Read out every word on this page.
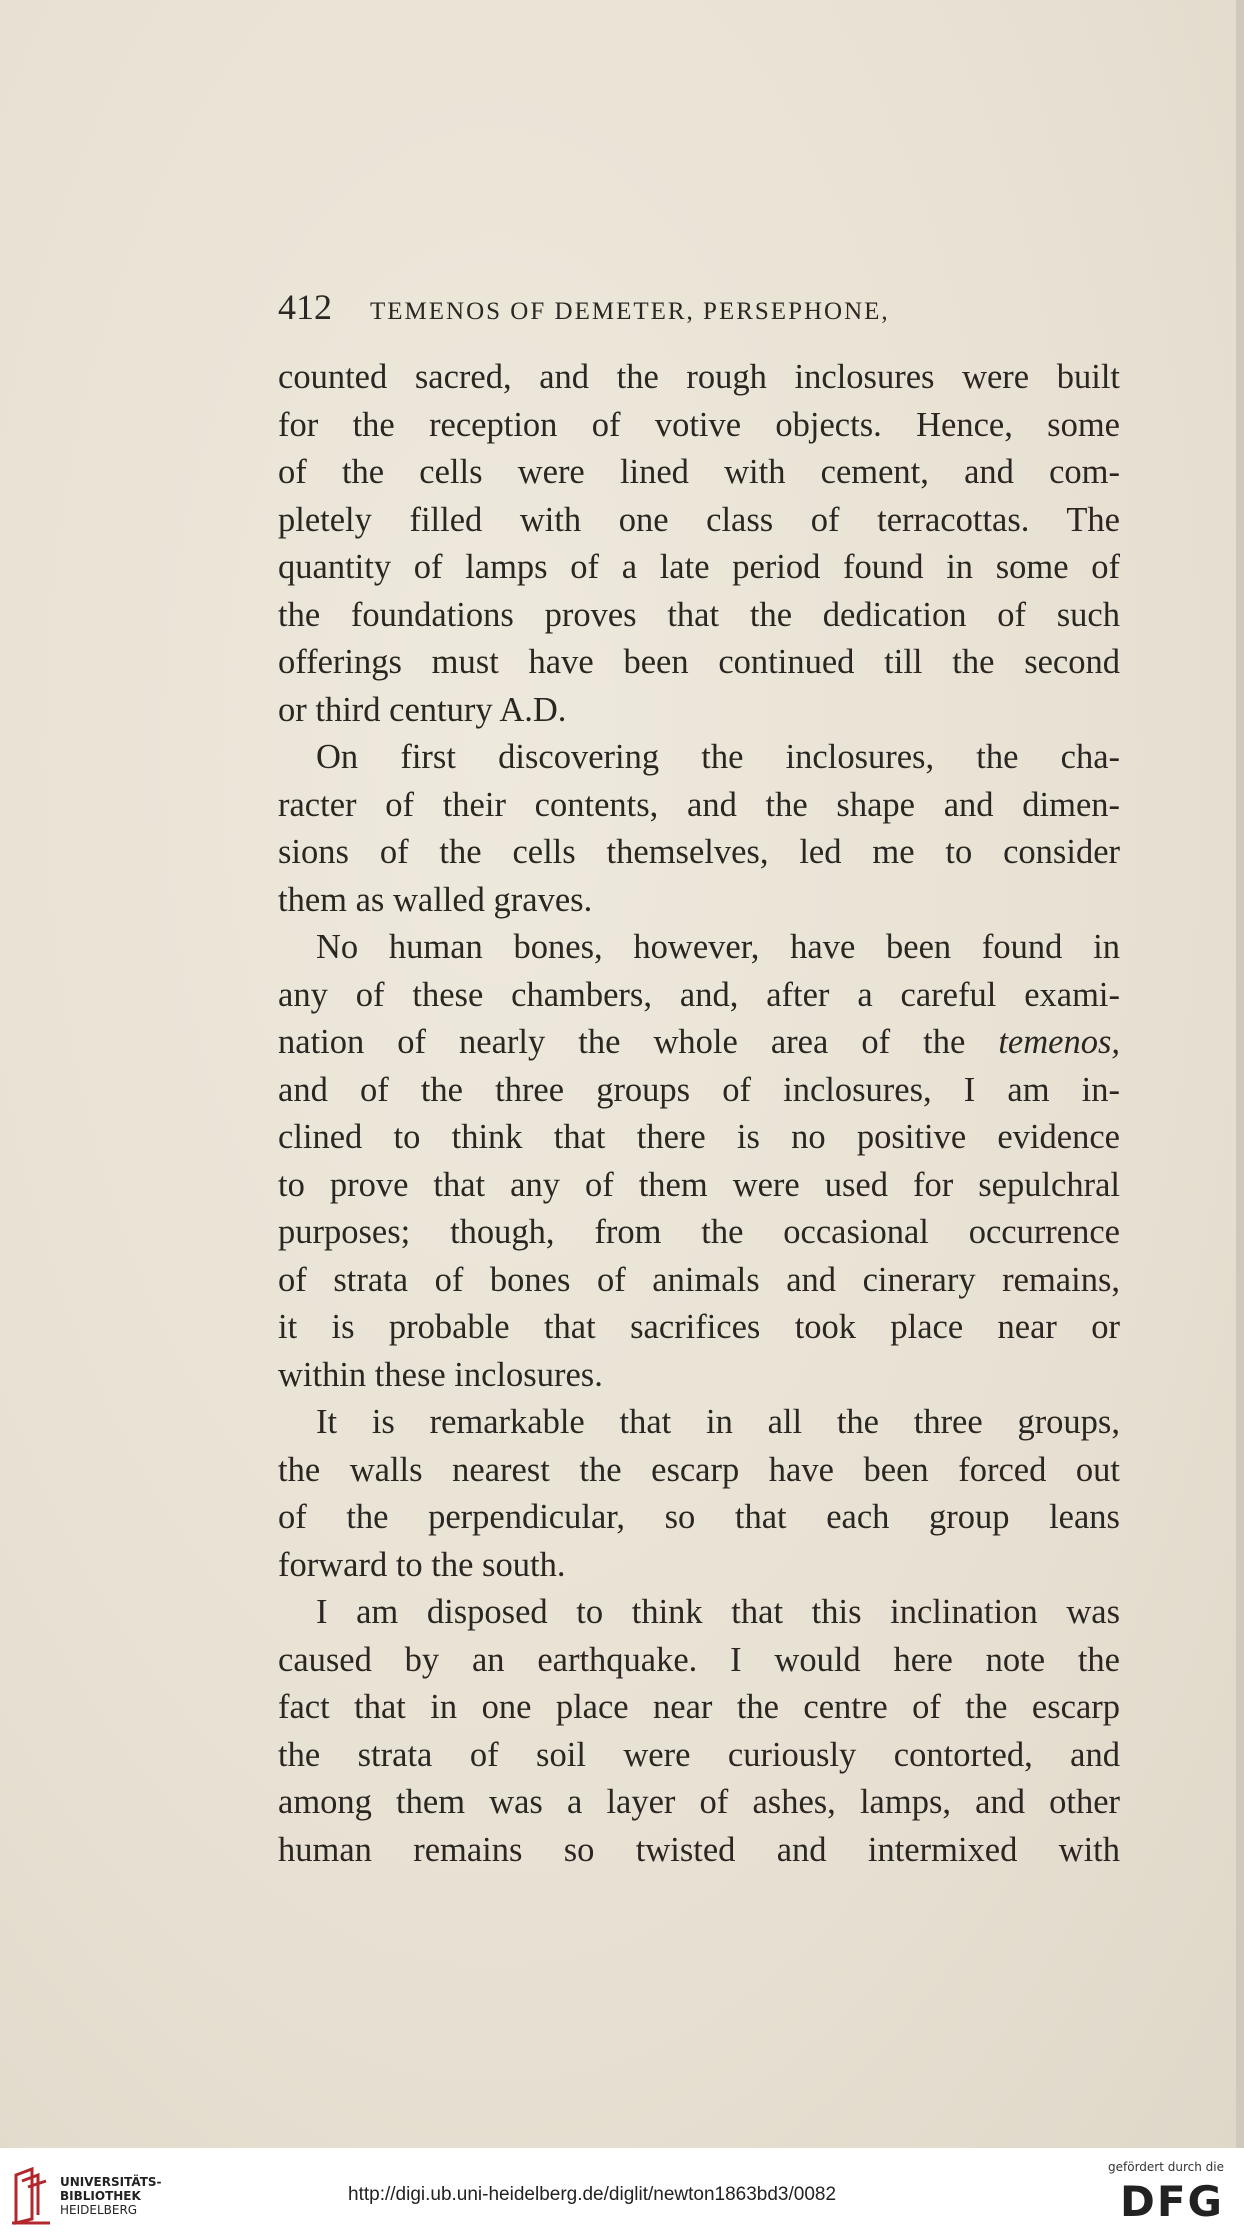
412	TEMENOS OF DEMETER, PERSEPHONE,
counted sacred, and the rough inclosures were built
for the reception of votive objects. Hence, some
of the cells were lined with cement, and com-
pletely filled with one class of terracottas. The
quantity of lamps of a late period found in some of
the foundations proves that the dedication of such
offerings must have been continued till the second
or third century A.D.
On first discovering the inclosures, the cha-
racter of their contents, and the shape and dimen-
sions of the cells themselves, led me to consider
them as walled graves.
No human bones, however, have been found in
any of these chambers, and, after a careful exami-
nation of nearly the whole area of the temenos,
and of the three groups of inclosures, I am in-
clined to think that there is no positive evidence
to prove that any of them were used for sepulchral
purposes; though, from the occasional occurrence
of strata of bones of animals and cinerary remains,
it is probable that sacrifices took place near or
within these inclosures.
It is remarkable that in all the three groups,
the walls nearest the escarp have been forced out
of the perpendicular, so that each group leans
forward to the south.
I am disposed to think that this inclination was
caused by an earthquake. I would here note the
fact that in one place near the centre of the escarp
the strata of soil were curiously contorted, and
among them was a layer of ashes, lamps, and other
human remains so twisted and intermixed with
UNIVERSITÄTS-
BIBLIOTHEK
HEIDELBERG
http://digi.ub.uni-heidelberg.de/diglit/newton1863bd3/0082
gefördert durch die
DFG
